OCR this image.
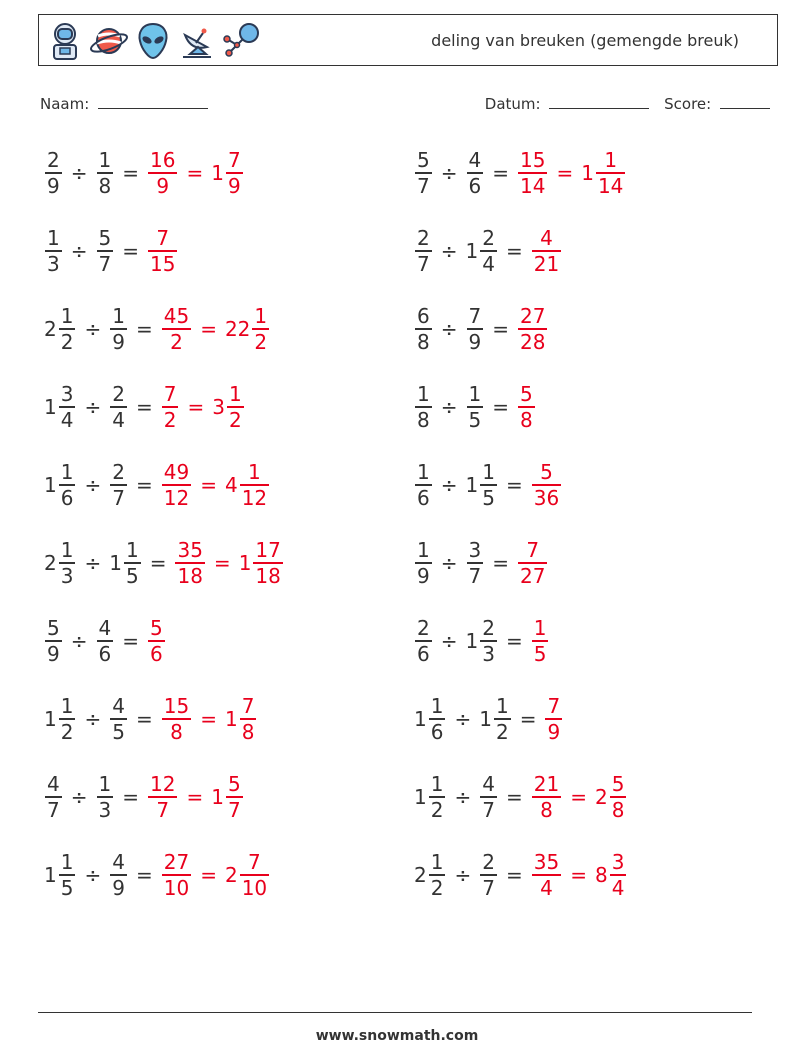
deling van breuken (gemengde breuk)
Naam:	Datum:	Score:
$\frac{2}{9} \div \frac{1}{8} = \frac{16}{9} = 1 \frac{7}{9}$	$\frac{5}{7} \div \frac{4}{6} = \frac{15}{14} = 1 \frac{1}{14}$
$\frac{1}{3} \div \frac{5}{7} = \frac{7}{15}$	$\frac{2}{7} \div 1 \frac{2}{4} = \frac{4}{21}$
$2 \frac{1}{2} \div \frac{1}{9} = \frac{45}{2} = 22 \frac{1}{2}$	$\frac{6}{8} \div \frac{7}{9} = \frac{27}{28}$
$1 \frac{3}{4} \div \frac{2}{4} = \frac{7}{2} = 3 \frac{1}{2}$	$\frac{1}{8} \div \frac{1}{5} = \frac{5}{8}$
$1 \frac{1}{6} \div \frac{2}{7} = \frac{49}{12} = 4 \frac{1}{12}$	$\frac{1}{6} \div 1 \frac{1}{5} = \frac{5}{36}$
$2 \frac{1}{3} \div 1 \frac{1}{5} = \frac{35}{18} = 1 \frac{17}{18}$	$\frac{1}{9} \div \frac{3}{7} = \frac{7}{27}$
$\frac{5}{9} \div \frac{4}{6} = \frac{5}{6}$	$\frac{2}{6} \div 1 \frac{2}{3} = \frac{1}{5}$
$1 \frac{1}{2} \div \frac{4}{5} = \frac{15}{8} = 1 \frac{7}{8}$	$1 \frac{1}{6} \div 1 \frac{1}{2} = \frac{7}{9}$
$\frac{4}{7} \div \frac{1}{3} = \frac{12}{7} = 1 \frac{5}{7}$	$1 \frac{1}{2} \div \frac{4}{7} = \frac{21}{8} = 2 \frac{5}{8}$
$1 \frac{1}{5} \div \frac{4}{9} = \frac{27}{10} = 2 \frac{7}{10}$	$2 \frac{1}{2} \div \frac{2}{7} = \frac{35}{4} = 8 \frac{3}{4}$
www.snowmath.com
